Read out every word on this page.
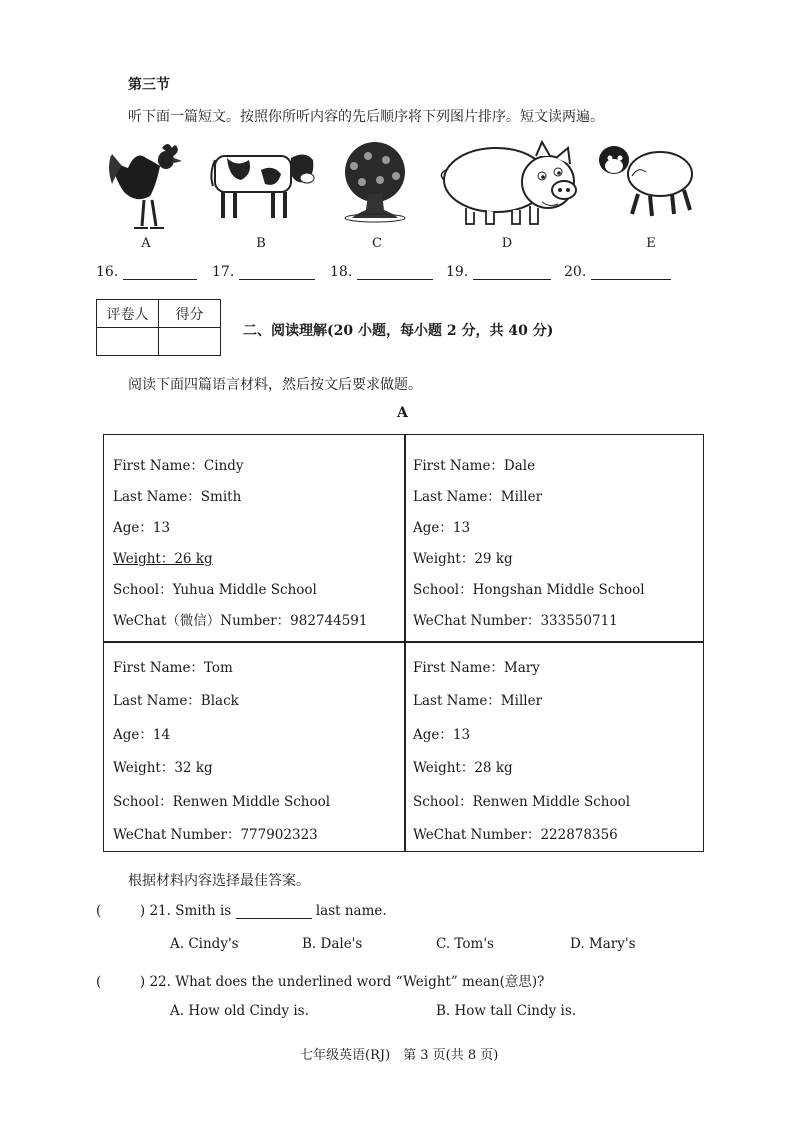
第三节
听下面一篇短文。按照你所听内容的先后顺序将下列图片排序。短文读两遍。
A	B	C	D	E
16.	17.	18.	19.	20.
评卷人	得分

二、阅读理解(20 小题，每小题 2 分，共 40 分)
阅读下面四篇语言材料，然后按文后要求做题。
A
First Name：Cindy
Last Name：Smith
Age：13
Weight：26 kg
School：Yuhua Middle School
WeChat（微信）Number：982744591
First Name：Dale
Last Name：Miller
Age：13
Weight：29 kg
School：Hongshan Middle School
WeChat Number：333550711
First Name：Tom
Last Name：Black
Age：14
Weight：32 kg
School：Renwen Middle School
WeChat Number：777902323
First Name：Mary
Last Name：Miller
Age：13
Weight：28 kg
School：Renwen Middle School
WeChat Number：222878356
根据材料内容选择最佳答案。
(	) 21. Smith is	last name.
A. Cindy's	B. Dale's	C. Tom's	D. Mary's
(	) 22. What does the underlined word “Weight” mean(意思)?
A. How old Cindy is.	B. How tall Cindy is.
七年级英语(RJ)　第 3 页(共 8 页)
